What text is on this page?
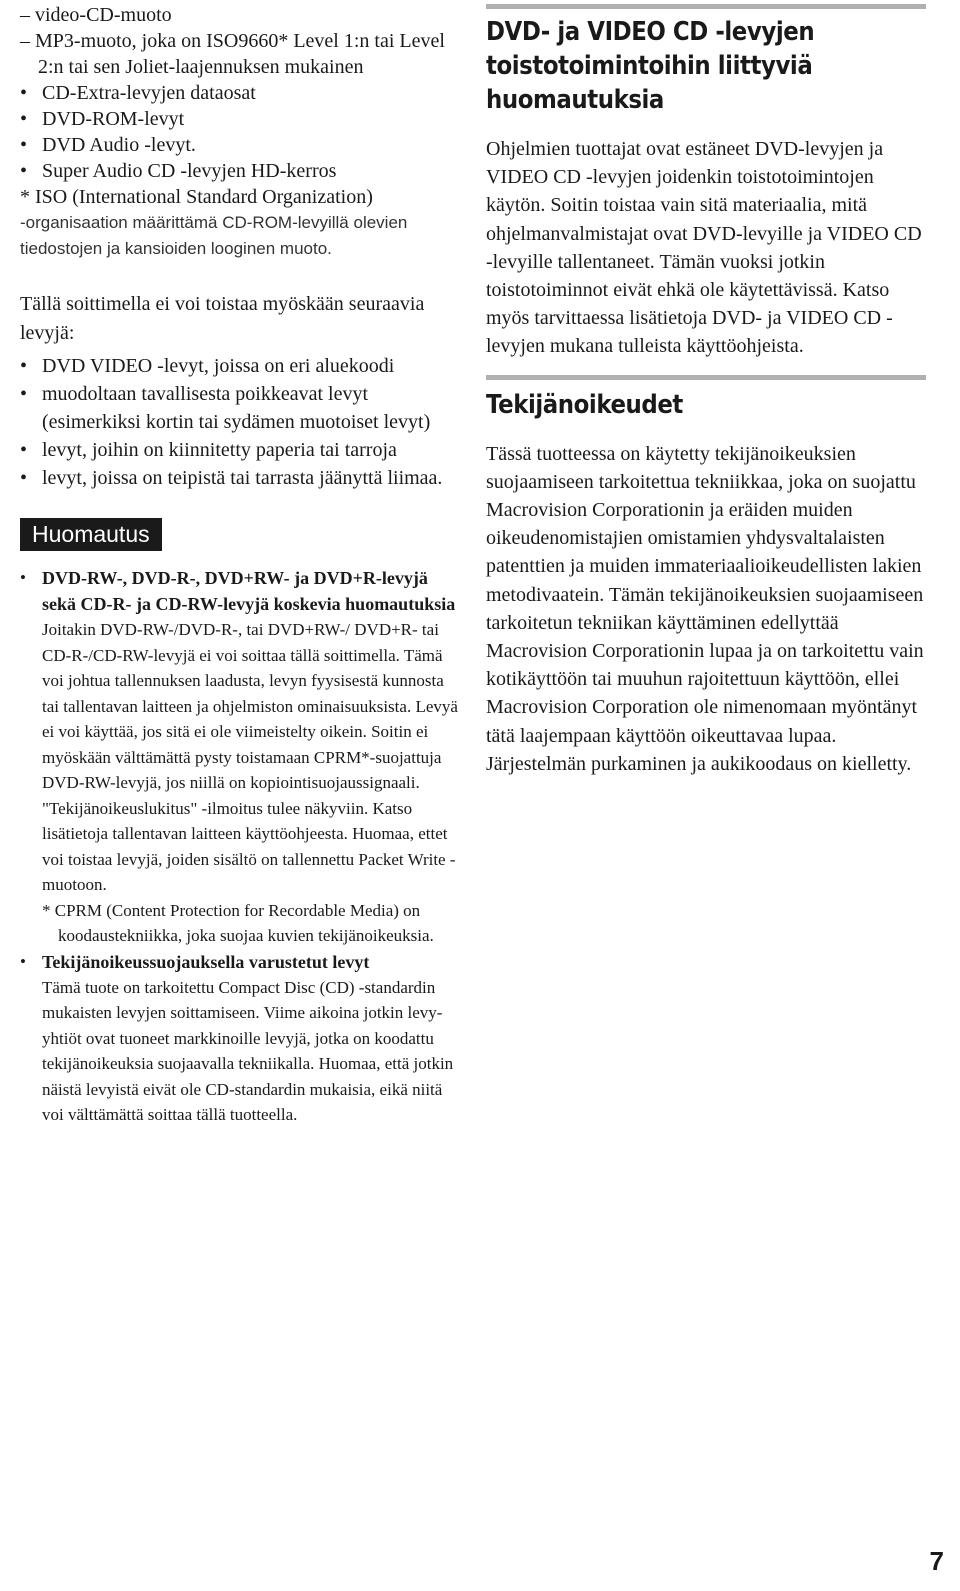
– video-CD-muoto
– MP3-muoto, joka on ISO9660* Level 1:n tai Level 2:n tai sen Joliet-laajennuksen mukainen
• CD-Extra-levyjen dataosat
• DVD-ROM-levyt
• DVD Audio -levyt.
• Super Audio CD -levyjen HD-kerros
* ISO (International Standard Organization)
-organisaation määrittämä CD-ROM-levyillä olevien tiedostojen ja kansioiden looginen muoto.

Tällä soittimella ei voi toistaa myöskään seuraavia levyjä:

• DVD VIDEO -levyt, joissa on eri aluekoodi
• muodoltaan tavallisesta poikkeavat levyt (esimerkiksi kortin tai sydämen muotoiset levyt)
• levyt, joihin on kiinnitetty paperia tai tarroja
• levyt, joissa on teipistä tai tarrasta jäänyttä liimaa.
Huomautus
• DVD-RW-, DVD-R-, DVD+RW- ja DVD+R-levyjä sekä CD-R- ja CD-RW-levyjä koskevia huomautuksia
Joitakin DVD-RW-/DVD-R-, tai DVD+RW-/ DVD+R- tai CD-R-/CD-RW-levyjä ei voi soittaa tällä soittimella. Tämä voi johtua tallennuksen laadusta, levyn fyysisestä kunnosta tai tallentavan laitteen ja ohjelmiston ominaisuuksista. Levyä ei voi käyttää, jos sitä ei ole viimeistelty oikein. Soitin ei myöskään välttämättä pysty toistamaan CPRM*-suojattuja DVD-RW-levyjä, jos niillä on kopiointisuojaussignaali. "Tekijänoikeuslukitus" -ilmoitus tulee näkyviin. Katso lisätietoja tallentavan laitteen käyttöohjeesta. Huomaa, ettet voi toistaa levyjä, joiden sisältö on tallennettu Packet Write -muotoon.
* CPRM (Content Protection for Recordable Media) on koodaustekniikka, joka suojaa kuvien tekijänoikeuksia.
• Tekijänoikeussuojauksella varustetut levyt
Tämä tuote on tarkoitettu Compact Disc (CD) -standardin mukaisten levyjen soittamiseen. Viime aikoina jotkin levy-yhtiöt ovat tuoneet markkinoille levyjä, jotka on koodattu tekijänoikeuksia suojaavalla tekniikalla. Huomaa, että jotkin näistä levyistä eivät ole CD-standardin mukaisia, eikä niitä voi välttämättä soittaa tällä tuotteella.
DVD- ja VIDEO CD -levyjen toistotoimintoihin liittyviä huomautuksia

Ohjelmien tuottajat ovat estäneet DVD-levyjen ja VIDEO CD -levyjen joidenkin toistotoimintojen käytön. Soitin toistaa vain sitä materiaalia, mitä ohjelmanvalmistajat ovat DVD-levyille ja VIDEO CD -levyille tallentaneet. Tämän vuoksi jotkin toistotoiminnot eivät ehkä ole käytettävissä. Katso myös tarvittaessa lisätietoja DVD- ja VIDEO CD -levyjen mukana tulleista käyttöohjeista.

Tekijänoikeudet

Tässä tuotteessa on käytetty tekijänoikeuksien suojaamiseen tarkoitettua tekniikkaa, joka on suojattu Macrovision Corporationin ja eräiden muiden oikeudenomistajien omistamien yhdysvaltalaisten patenttien ja muiden immateriaalioikeudellisten lakien metodivaatein. Tämän tekijänoikeuksien suojaamiseen tarkoitetun tekniikan käyttäminen edellyttää Macrovision Corporationin lupaa ja on tarkoitettu vain kotikäyttöön tai muuhun rajoitettuun käyttöön, ellei Macrovision Corporation ole nimenomaan myöntänyt tätä laajempaan käyttöön oikeuttavaa lupaa. Järjestelmän purkaminen ja aukikoodaus on kielletty.

7
